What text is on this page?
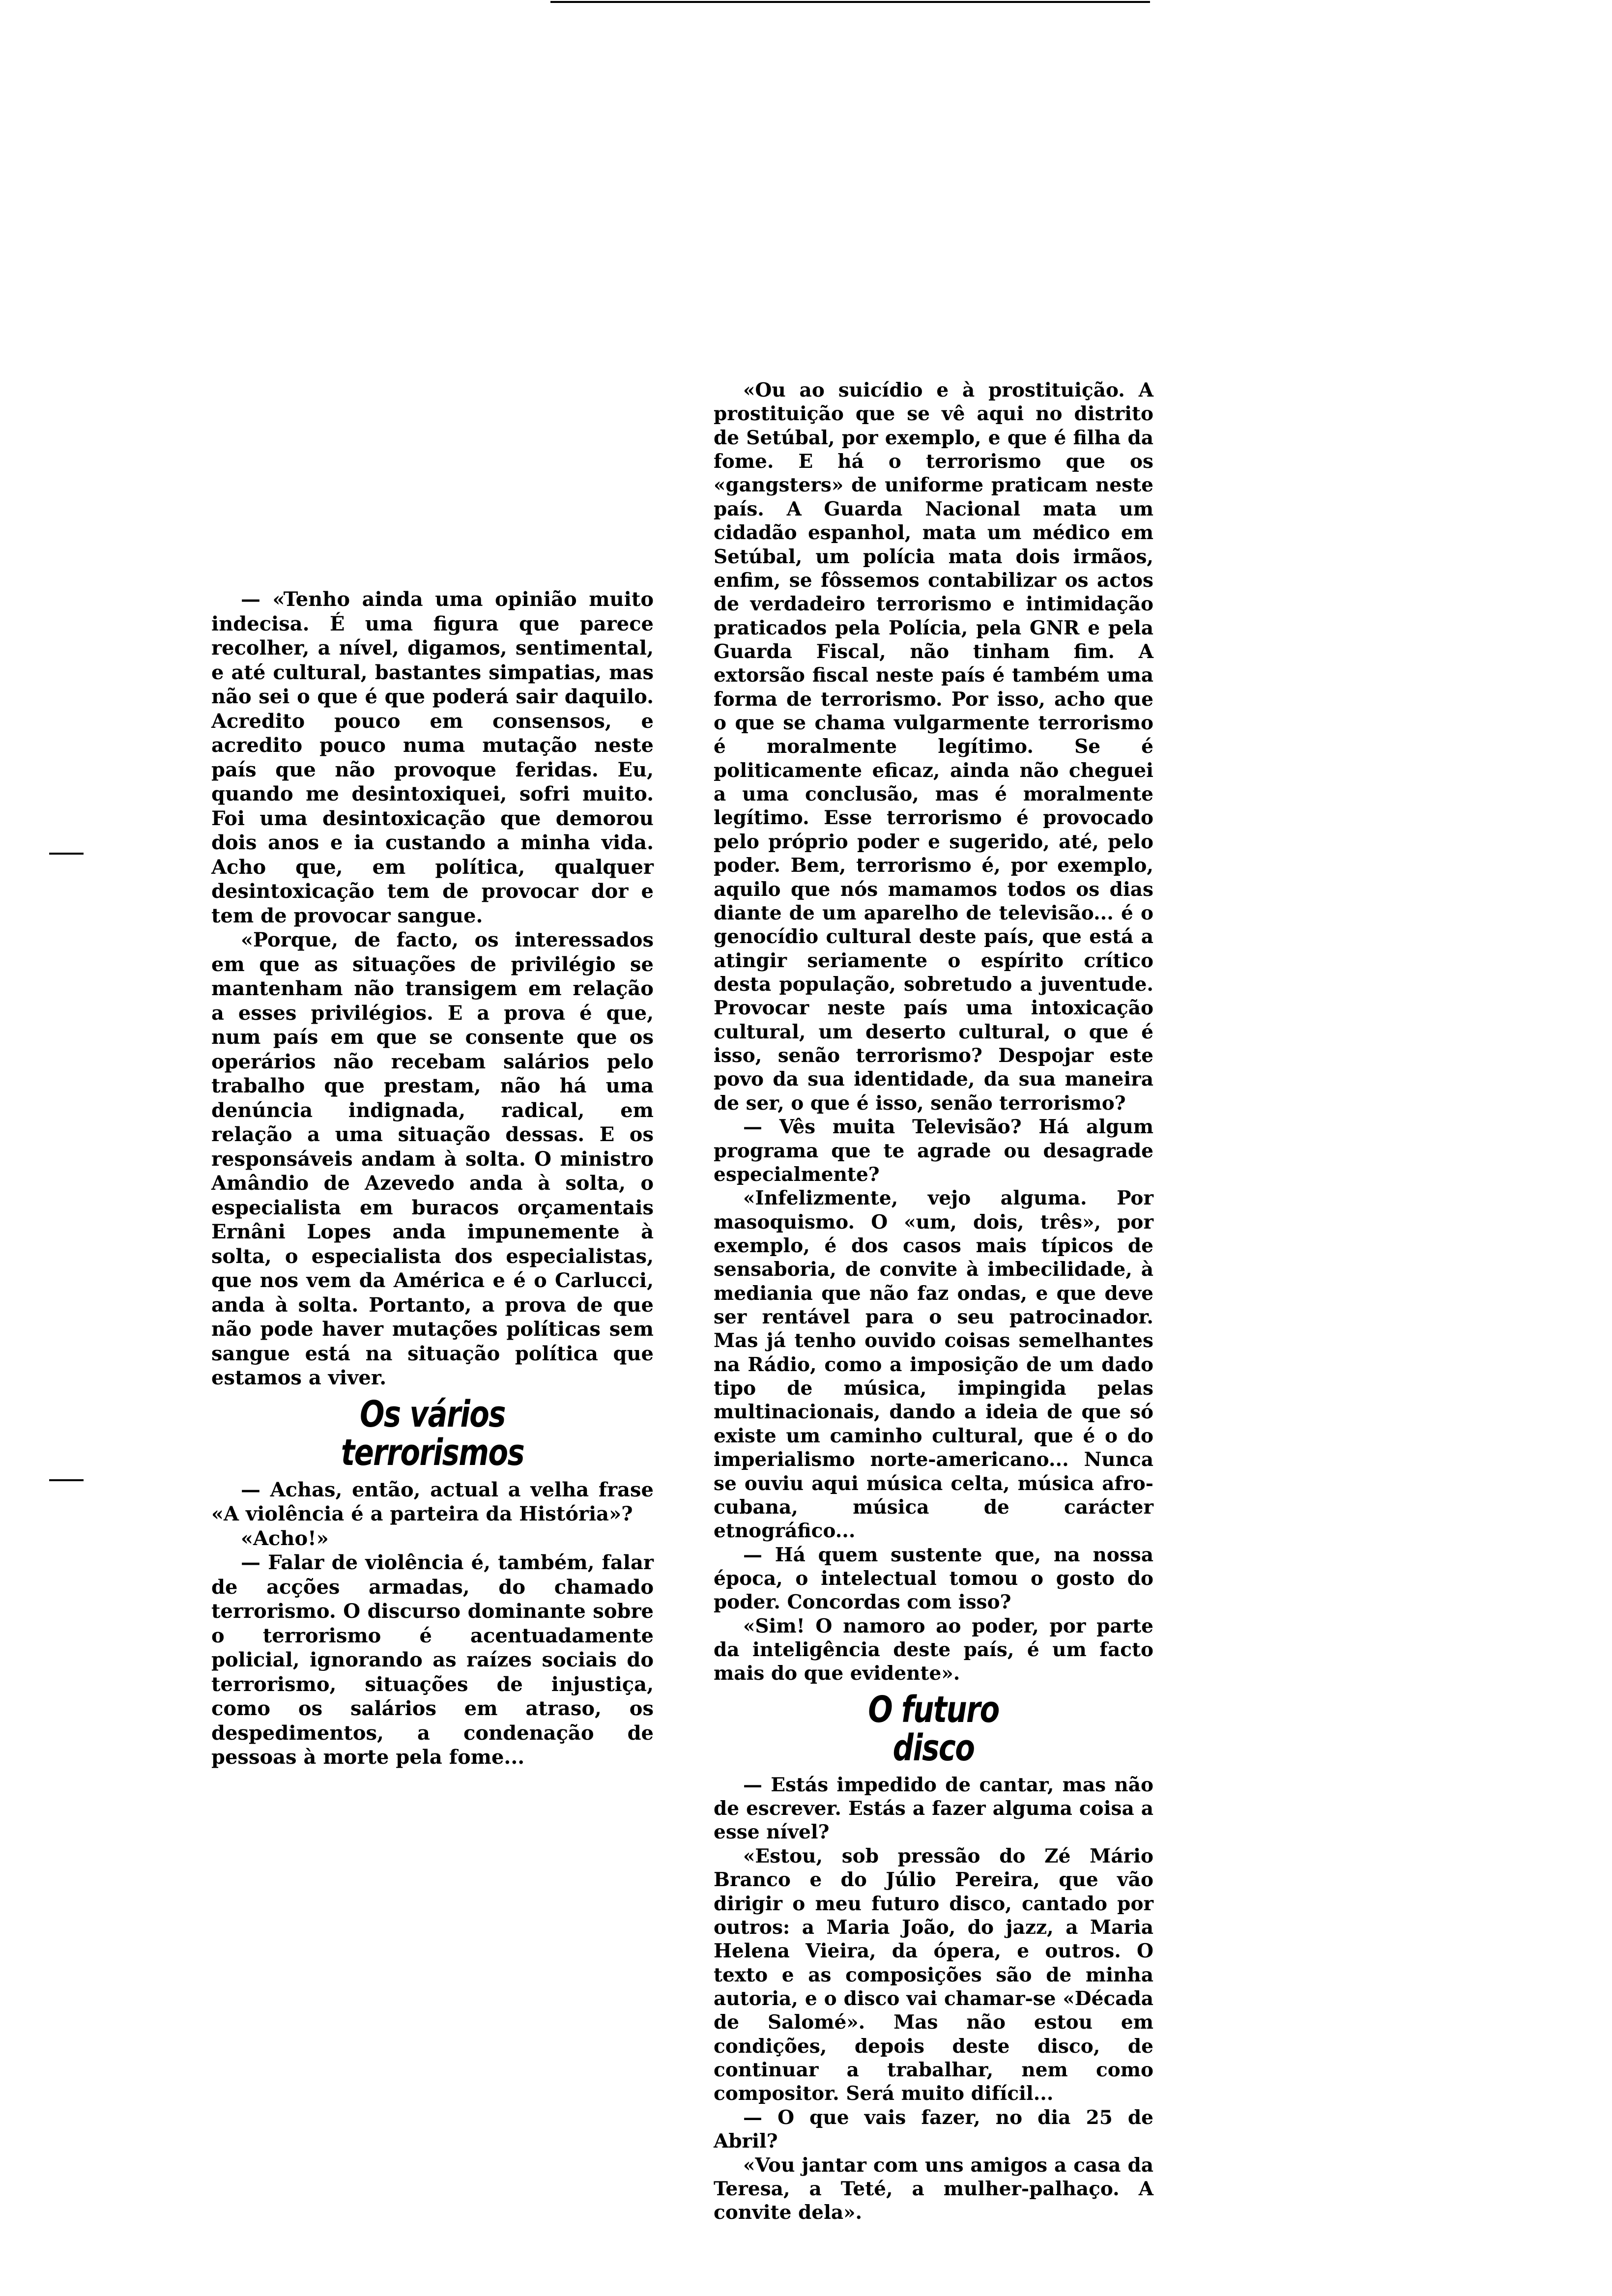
— «Tenho ainda uma opinião muito indecisa. É uma figura que parece recolher, a nível, digamos, sentimental, e até cultural, bastantes simpatias, mas não sei o que é que poderá sair daquilo. Acredito pouco em consensos, e acredito pouco numa mutação neste país que não provoque feridas. Eu, quando me desintoxiquei, sofri muito. Foi uma desintoxicação que demorou dois anos e ia custando a minha vida. Acho que, em política, qualquer desintoxicação tem de provocar dor e tem de provocar sangue.

«Porque, de facto, os interessados em que as situações de privilégio se mantenham não transigem em relação a esses privilégios. E a prova é que, num país em que se consente que os operários não recebam salários pelo trabalho que prestam, não há uma denúncia indignada, radical, em relação a uma situação dessas. E os responsáveis andam à solta. O ministro Amândio de Azevedo anda à solta, o especialista em buracos orçamentais Ernâni Lopes anda impunemente à solta, o especialista dos especialistas, que nos vem da América e é o Carlucci, anda à solta. Portanto, a prova de que não pode haver mutações políticas sem sangue está na situação política que estamos a viver.

Os vários
terrorismos

— Achas, então, actual a velha frase «A violência é a parteira da História»?

«Acho!»

— Falar de violência é, também, falar de acções armadas, do chamado terrorismo. O discurso dominante sobre o terrorismo é acentuadamente policial, ignorando as raízes sociais do terrorismo, situações de injustiça, como os salários em atraso, os despedimentos, a condenação de pessoas à morte pela fome...

«Ou ao suicídio e à prostituição. A prostituição que se vê aqui no distrito de Setúbal, por exemplo, e que é filha da fome. E há o terrorismo que os «gangsters» de uniforme praticam neste país. A Guarda Nacional mata um cidadão espanhol, mata um médico em Setúbal, um polícia mata dois irmãos, enfim, se fôssemos contabilizar os actos de verdadeiro terrorismo e intimidação praticados pela Polícia, pela GNR e pela Guarda Fiscal, não tinham fim. A extorsão fiscal neste país é também uma forma de terrorismo. Por isso, acho que o que se chama vulgarmente terrorismo é moralmente legítimo. Se é politicamente eficaz, ainda não cheguei a uma conclusão, mas é moralmente legítimo. Esse terrorismo é provocado pelo próprio poder e sugerido, até, pelo poder. Bem, terrorismo é, por exemplo, aquilo que nós mamamos todos os dias diante de um aparelho de televisão... é o genocídio cultural deste país, que está a atingir seriamente o espírito crítico desta população, sobretudo a juventude. Provocar neste país uma intoxicação cultural, um deserto cultural, o que é isso, senão terrorismo? Despojar este povo da sua identidade, da sua maneira de ser, o que é isso, senão terrorismo?

— Vês muita Televisão? Há algum programa que te agrade ou desagrade especialmente?

«Infelizmente, vejo alguma. Por masoquismo. O «um, dois, três», por exemplo, é dos casos mais típicos de sensaboria, de convite à imbecilidade, à mediania que não faz ondas, e que deve ser rentável para o seu patrocinador. Mas já tenho ouvido coisas semelhantes na Rádio, como a imposição de um dado tipo de música, impingida pelas multinacionais, dando a ideia de que só existe um caminho cultural, que é o do imperialismo norte-americano... Nunca se ouviu aqui música celta, música afro-cubana, música de carácter etnográfico...

— Há quem sustente que, na nossa época, o intelectual tomou o gosto do poder. Concordas com isso?

«Sim! O namoro ao poder, por parte da inteligência deste país, é um facto mais do que evidente».

O futuro
disco

— Estás impedido de cantar, mas não de escrever. Estás a fazer alguma coisa a esse nível?

«Estou, sob pressão do Zé Mário Branco e do Júlio Pereira, que vão dirigir o meu futuro disco, cantado por outros: a Maria João, do jazz, a Maria Helena Vieira, da ópera, e outros. O texto e as composições são de minha autoria, e o disco vai chamar-se «Década de Salomé». Mas não estou em condições, depois deste disco, de continuar a trabalhar, nem como compositor. Será muito difícil...

— O que vais fazer, no dia 25 de Abril?

«Vou jantar com uns amigos a casa da Teresa, a Teté, a mulher-palhaço. A convite dela».
